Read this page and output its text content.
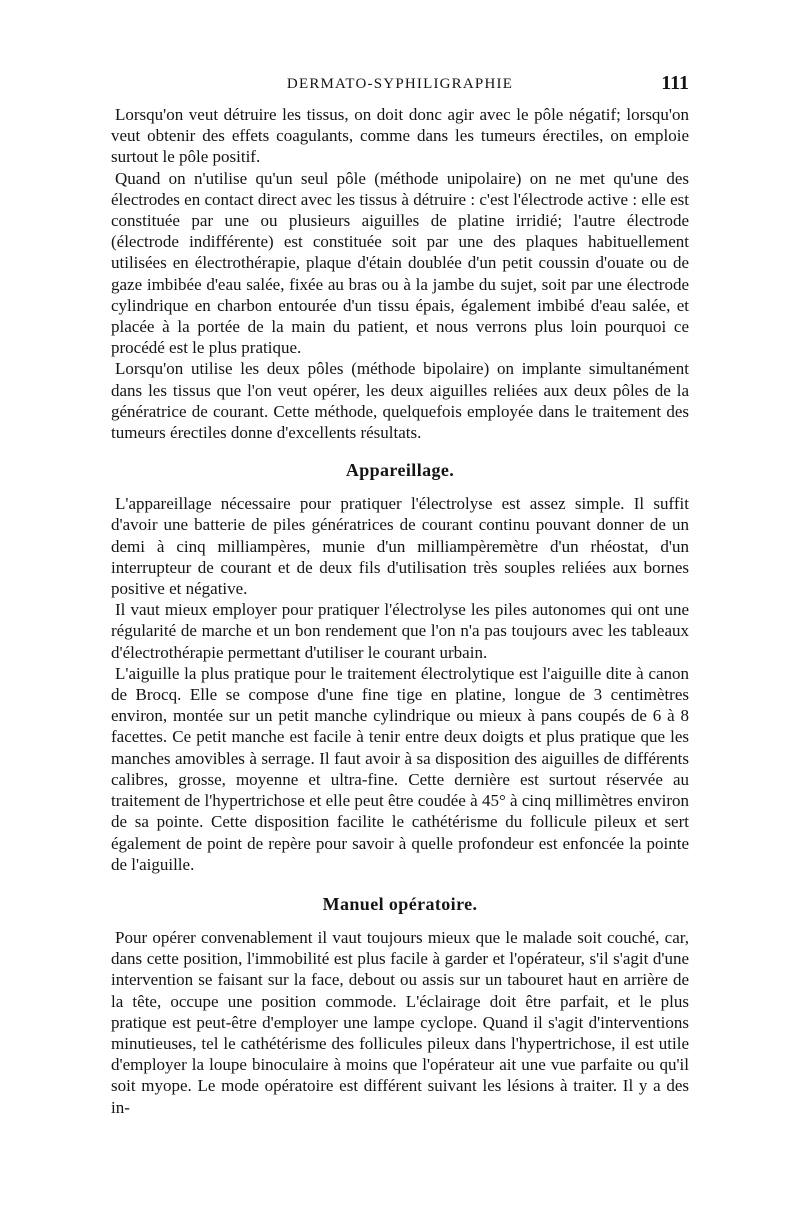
DERMATO-SYPHILIGRAPHIE	111

Lorsqu'on veut détruire les tissus, on doit donc agir avec le pôle négatif; lorsqu'on veut obtenir des effets coagulants, comme dans les tumeurs érectiles, on emploie surtout le pôle positif.

Quand on n'utilise qu'un seul pôle (méthode unipolaire) on ne met qu'une des électrodes en contact direct avec les tissus à détruire : c'est l'électrode active : elle est constituée par une ou plusieurs aiguilles de platine irridié; l'autre électrode (électrode indifférente) est constituée soit par une des plaques habituellement utilisées en électrothérapie, plaque d'étain doublée d'un petit coussin d'ouate ou de gaze imbibée d'eau salée, fixée au bras ou à la jambe du sujet, soit par une électrode cylindrique en charbon entourée d'un tissu épais, également imbibé d'eau salée, et placée à la portée de la main du patient, et nous verrons plus loin pourquoi ce procédé est le plus pratique.

Lorsqu'on utilise les deux pôles (méthode bipolaire) on implante simultanément dans les tissus que l'on veut opérer, les deux aiguilles reliées aux deux pôles de la génératrice de courant. Cette méthode, quelquefois employée dans le traitement des tumeurs érectiles donne d'excellents résultats.

Appareillage.

L'appareillage nécessaire pour pratiquer l'électrolyse est assez simple. Il suffit d'avoir une batterie de piles génératrices de courant continu pouvant donner de un demi à cinq milliampères, munie d'un milliampèremètre d'un rhéostat, d'un interrupteur de courant et de deux fils d'utilisation très souples reliées aux bornes positive et négative.

Il vaut mieux employer pour pratiquer l'électrolyse les piles autonomes qui ont une régularité de marche et un bon rendement que l'on n'a pas toujours avec les tableaux d'électrothérapie permettant d'utiliser le courant urbain.

L'aiguille la plus pratique pour le traitement électrolytique est l'aiguille dite à canon de Brocq. Elle se compose d'une fine tige en platine, longue de 3 centimètres environ, montée sur un petit manche cylindrique ou mieux à pans coupés de 6 à 8 facettes. Ce petit manche est facile à tenir entre deux doigts et plus pratique que les manches amovibles à serrage. Il faut avoir à sa disposition des aiguilles de différents calibres, grosse, moyenne et ultra-fine. Cette dernière est surtout réservée au traitement de l'hypertrichose et elle peut être coudée à 45° à cinq millimètres environ de sa pointe. Cette disposition facilite le cathétérisme du follicule pileux et sert également de point de repère pour savoir à quelle profondeur est enfoncée la pointe de l'aiguille.

Manuel opératoire.

Pour opérer convenablement il vaut toujours mieux que le malade soit couché, car, dans cette position, l'immobilité est plus facile à garder et l'opérateur, s'il s'agit d'une intervention se faisant sur la face, debout ou assis sur un tabouret haut en arrière de la tête, occupe une position commode. L'éclairage doit être parfait, et le plus pratique est peut-être d'employer une lampe cyclope. Quand il s'agit d'interventions minutieuses, tel le cathétérisme des follicules pileux dans l'hypertrichose, il est utile d'employer la loupe binoculaire à moins que l'opérateur ait une vue parfaite ou qu'il soit myope. Le mode opératoire est différent suivant les lésions à traiter. Il y a des in-
